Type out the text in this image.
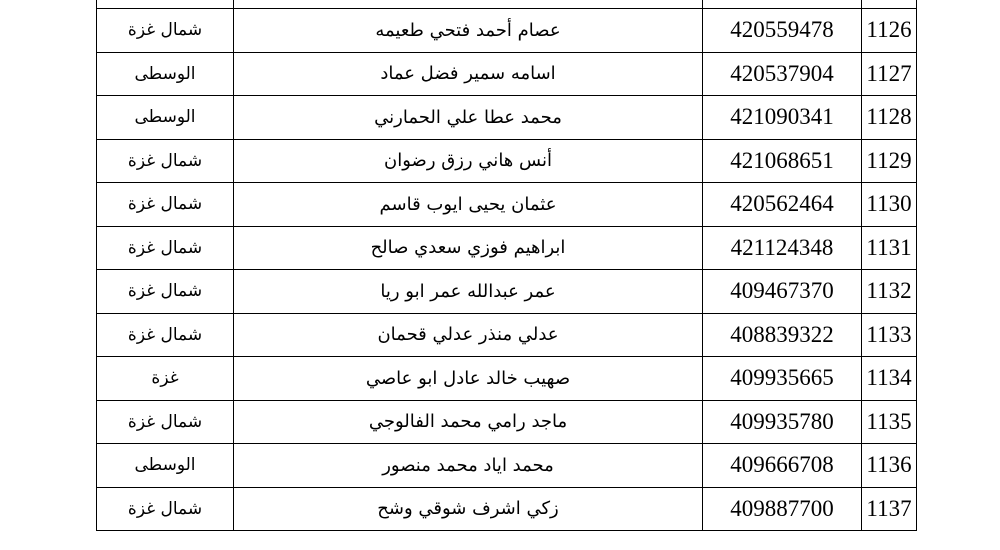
شمال غزة	عصام أحمد فتحي طعيمه	420559478	1126
الوسطى	اسامه سمير فضل عماد	420537904	1127
الوسطى	محمد عطا علي الحمارني	421090341	1128
شمال غزة	أنس هاني رزق رضوان	421068651	1129
شمال غزة	عثمان يحيى ايوب قاسم	420562464	1130
شمال غزة	ابراهيم فوزي سعدي صالح	421124348	1131
شمال غزة	عمر عبدالله عمر ابو ريا	409467370	1132
شمال غزة	عدلي منذر عدلي قحمان	408839322	1133
غزة	صهيب خالد عادل ابو عاصي	409935665	1134
شمال غزة	ماجد رامي محمد الفالوجي	409935780	1135
الوسطى	محمد اياد محمد منصور	409666708	1136
شمال غزة	زكي اشرف شوقي وشح	409887700	1137
